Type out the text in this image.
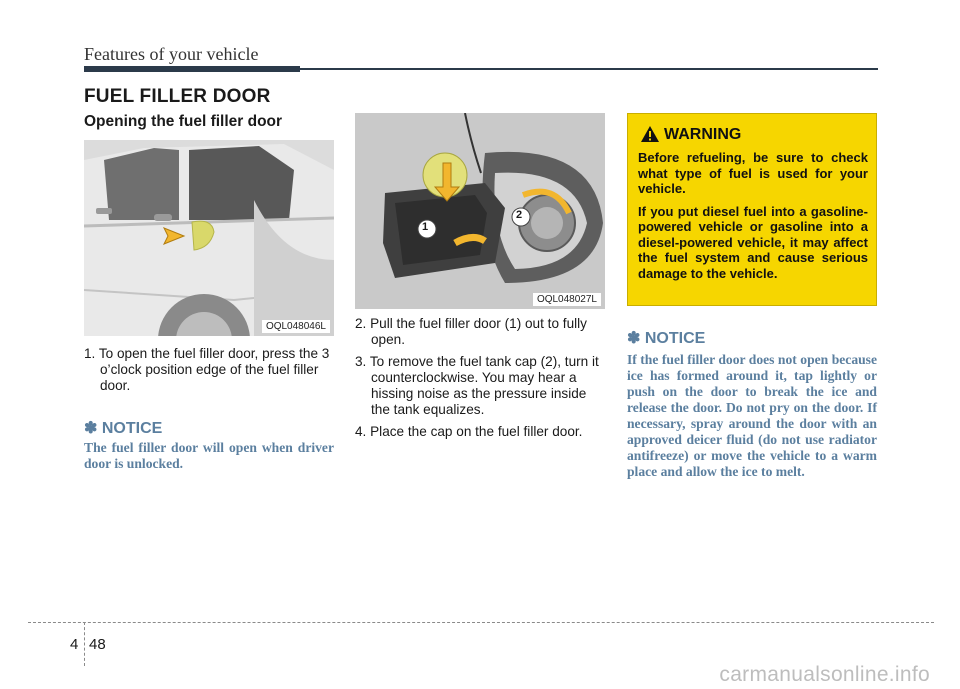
Features of your vehicle
FUEL FILLER DOOR
Opening the fuel filler door
OQL048046L
1
2
OQL048027L

1. To open the fuel filler door, press the 3 o’clock position edge of the fuel filler door.

✽ NOTICE
The fuel filler door will open when driver door is unlocked.

2. Pull the fuel filler door (1) out to fully open.

3. To remove the fuel tank cap (2), turn it counterclockwise. You may hear a hissing noise as the pressure inside the tank equalizes.

4. Place the cap on the fuel filler door.

WARNING

Before refueling, be sure to check what type of fuel is used for your vehicle.

If you put diesel fuel into a gasoline-powered vehicle or gasoline into a diesel-powered vehicle, it may affect the fuel system and cause serious damage to the vehicle.

✽ NOTICE
If the fuel filler door does not open because ice has formed around it, tap lightly or push on the door to break the ice and release the door. Do not pry on the door. If necessary, spray around the door with an approved deicer fluid (do not use radiator antifreeze) or move the vehicle to a warm place and allow the ice to melt.
4 48
carmanualsonline.info
